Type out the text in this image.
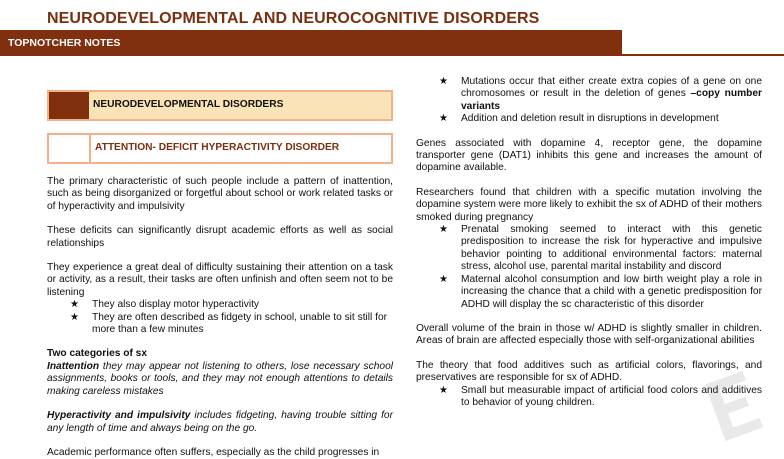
NEURODEVELOPMENTAL AND NEUROCOGNITIVE DISORDERS
TOPNOTCHER NOTES
NEURODEVELOPMENTAL DISORDERS
ATTENTION- DEFICIT HYPERACTIVITY DISORDER

The primary characteristic of such people include a pattern of inattention, such as being disorganized or forgetful about school or work related tasks or of hyperactivity and impulsivity

These deficits can significantly disrupt academic efforts as well as social relationships

They experience a great deal of difficulty sustaining their attention on a task or activity, as a result, their tasks are often unfinish and often seem not to be listening

★ They also display motor hyperactivity
★ They are often described as fidgety in school, unable to sit still for more than a few minutes

Two categories of sx

Inattention they may appear not listening to others, lose necessary school assignments, books or tools, and they may not enough attentions to details making careless mistakes

Hyperactivity and impulsivity includes fidgeting, having trouble sitting for any length of time and always being on the go.

Academic performance often suffers, especially as the child progresses in

★ Mutations occur that either create extra copies of a gene on one chromosomes or result in the deletion of genes –copy number variants
★ Addition and deletion result in disruptions in development

Genes associated with dopamine 4, receptor gene, the dopamine transporter gene (DAT1) inhibits this gene and increases the amount of dopamine available.

Researchers found that children with a specific mutation involving the dopamine system were more likely to exhibit the sx of ADHD of their mothers smoked during pregnancy

★ Prenatal smoking seemed to interact with this genetic predisposition to increase the risk for hyperactive and impulsive behavior pointing to additional environmental factors: maternal stress, alcohol use, parental marital instability and discord
★ Maternal alcohol consumption and low birth weight play a role in increasing the chance that a child with a genetic predisposition for ADHD will display the sc characteristic of this disorder

Overall volume of the brain in those w/ ADHD is slightly smaller in children. Areas of brain are affected especially those with self-organizational abilities

The theory that food additives such as artificial colors, flavorings, and preservatives are responsible for sx of ADHD.

★ Small but measurable impact of artificial food colors and additives to behavior of young children.
